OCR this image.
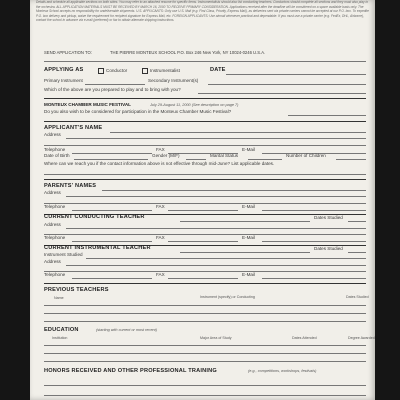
Details and schedule all applicable sections on both sides. You may refer to an attached resume for specific items. Instrumentalists should also list conducting teachers. Conductors should complete all sections and they must also play in the orchestra. ALL APPLICATION MATERIALS MUST BE RECEIVED BY MARCH 16, 2000 TO RECEIVE PRIMARY CONSIDERATION. Applications received after the deadline will be considered on a space available basis only. The Monteux School accepts no responsibility for undeliverable shipments. U.S. APPLICANTS: Only use U.S. Mail (e.g. First Class, Priority, Express Mail), as deliveries sent via private carriers cannot be accepted at our P.O. box. To expedite P.O. box delivery and pickup, waive the requirement for recipient signature for Express Mail, etc. FOREIGN APPLICANTS: Use airmail whenever practical and dependable. If you must use a private carrier (e.g. FedEx, DHL, Airborne), contact the school in advance via e-mail (preferred) or fax to obtain alternate shipping instructions.
SEND APPLICATION TO:	THE PIERRE MONTEUX SCHOOL P.O. Box 246 New York, NY 10024-0246 U.S.A.
APPLYING AS	Conductor	Instrumentalist	DATE
Primary Instrument	Secondary Instrument(s)
Which of the above are you prepared to play and to bring with you?
MONTEUX CHAMBER MUSIC FESTIVAL	July 29-August 11, 2000 (See description on page 7)
Do you also wish to be considered for participation in the Monteux Chamber Music Festival?
APPLICANT'S NAME
Address
Telephone	FAX	E-Mail
Date of Birth	Gender (M/F)	Marital Status	Number of Children
Where can we reach you if the contact information above is not effective through mid-June? List applicable dates.
PARENTS' NAMES
Address
Telephone	FAX	E-Mail
CURRENT CONDUCTING TEACHER	Dates Studied
Address
Telephone	FAX	E-Mail
CURRENT INSTRUMENTAL TEACHER	Dates Studied
Instrument Studied
Address
Telephone	FAX	E-Mail
PREVIOUS TEACHERS
Name	Instrument (specify) or Conducting	Dates Studied
EDUCATION	(starting with current or most recent)
Institution	Major Area of Study	Dates Attended	Degree Awarded
HONORS RECEIVED AND OTHER PROFESSIONAL TRAINING	(e.g., competitions, workshops, festivals)
